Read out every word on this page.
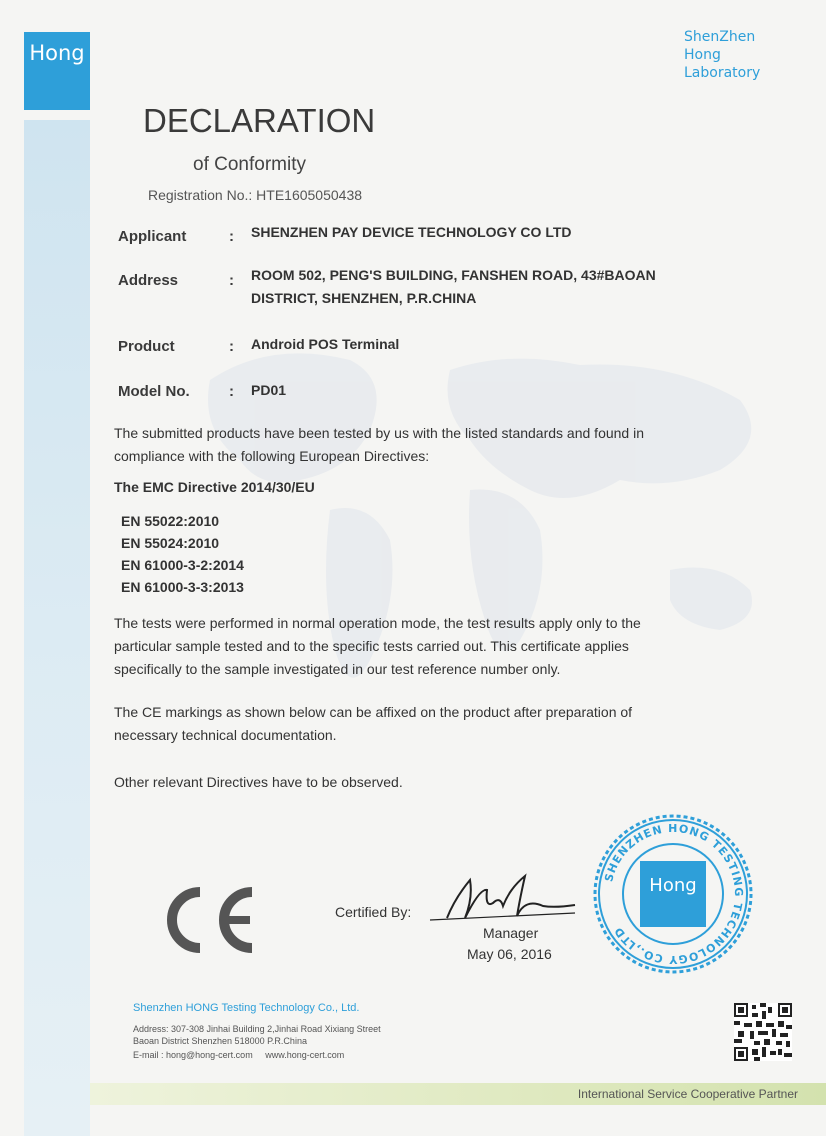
Hong
ShenZhen
Hong
Laboratory
DECLARATION
of Conformity
Registration No.: HTE1605050438
Applicant	: SHENZHEN PAY DEVICE TECHNOLOGY CO LTD
Address	: ROOM 502, PENG'S BUILDING, FANSHEN ROAD, 43#BAOAN
DISTRICT, SHENZHEN, P.R.CHINA
Product	: Android POS Terminal
Model No.	: PD01
The submitted products have been tested by us with the listed standards and found in
compliance with the following European Directives:
The EMC Directive 2014/30/EU
EN 55022:2010
EN 55024:2010
EN 61000-3-2:2014
EN 61000-3-3:2013
The tests were performed in normal operation mode, the test results apply only to the
particular sample tested and to the specific tests carried out. This certificate applies
specifically to the sample investigated in our test reference number only.
The CE markings as shown below can be affixed on the product after preparation of
necessary technical documentation.
Other relevant Directives have to be observed.
Certified By:
Manager
May 06, 2016
SHENZHEN HONG TESTING TECHNOLOGY CO.,LTD
Hong
Shenzhen HONG Testing Technology Co., Ltd.
Address: 307-308 Jinhai Building 2,Jinhai Road Xixiang Street
Baoan District Shenzhen 518000 P.R.China
E-mail : hong@hong-cert.com www.hong-cert.com
International Service Cooperative Partner
